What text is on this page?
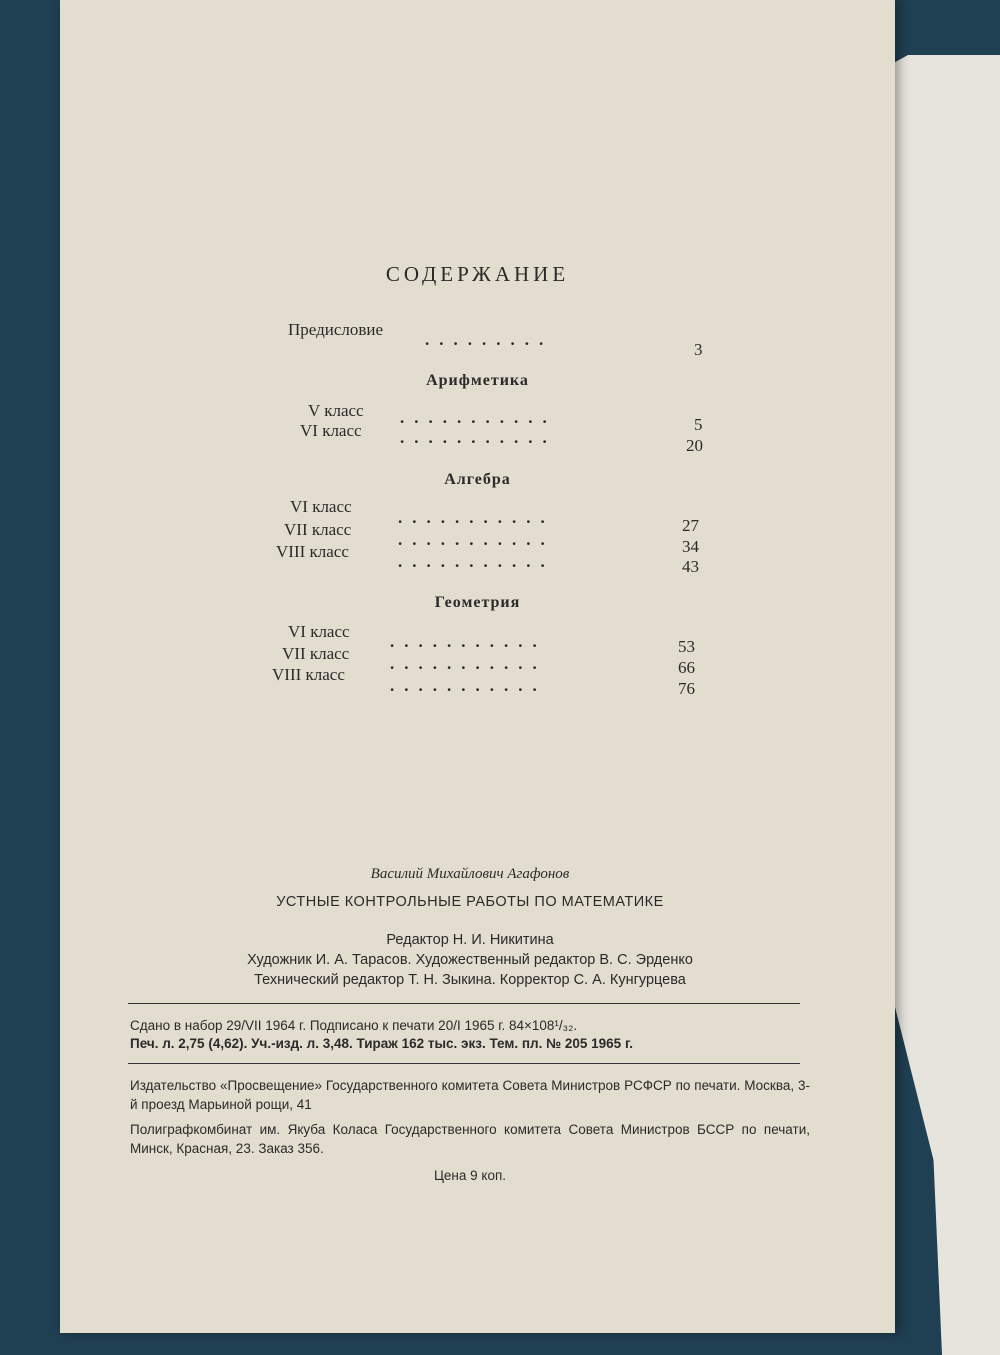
СОДЕРЖАНИЕ
Предисловие
.........
3
Арифметика
V класс
VI класс
...........
...........
5
20
Алгебра
VI класс
VII класс
VIII класс
...........
...........
...........
27
34
43
Геометрия
VI класс
VII класс
VIII класс
...........
...........
...........
53
66
76
Василий Михайлович Агафонов
УСТНЫЕ КОНТРОЛЬНЫЕ РАБОТЫ ПО МАТЕМАТИКЕ
Редактор Н. И. Никитина
Художник И. А. Тарасов. Художественный редактор В. С. Эрденко
Технический редактор Т. Н. Зыкина. Корректор С. А. Кунгурцева
Сдано в набор 29/VII 1964 г. Подписано к печати 20/I 1965 г. 84×108¹/₃₂.
Печ. л. 2,75 (4,62). Уч.-изд. л. 3,48. Тираж 162 тыс. экз. Тем. пл. № 205 1965 г.
Издательство «Просвещение» Государственного комитета Совета Министров РСФСР по печати. Москва, 3-й проезд Марьиной рощи, 41
Полиграфкомбинат им. Якуба Коласа Государственного комитета Совета Министров БССР по печати, Минск, Красная, 23. Заказ 356.
Цена 9 коп.
